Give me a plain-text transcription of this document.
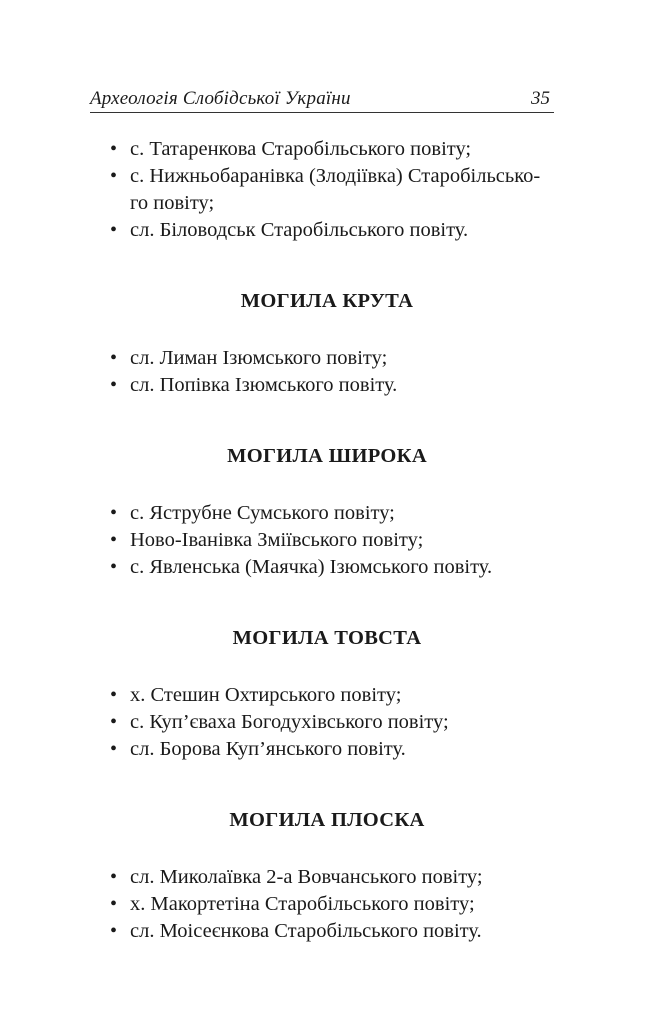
Археологія Слобідської України	35
• с. Татаренкова Старобільського повіту;
• с. Нижньобаранівка (Злодіївка) Старобільсько-
го повіту;
• сл. Біловодськ Старобільського повіту.
МОГИЛА КРУТА
• сл. Лиман Ізюмського повіту;
• сл. Попівка Ізюмського повіту.
МОГИЛА ШИРОКА
• с. Яструбне Сумського повіту;
• Ново-Іванівка Зміївського повіту;
• с. Явленська (Маячка) Ізюмського повіту.
МОГИЛА ТОВСТА
• х. Стешин Охтирського повіту;
• с. Куп’єваха Богодухівського повіту;
• сл. Борова Куп’янського повіту.
МОГИЛА ПЛОСКА
• сл. Миколаївка 2-а Вовчанського повіту;
• х. Макортетіна Старобільського повіту;
• сл. Моісеєнкова Старобільського повіту.
